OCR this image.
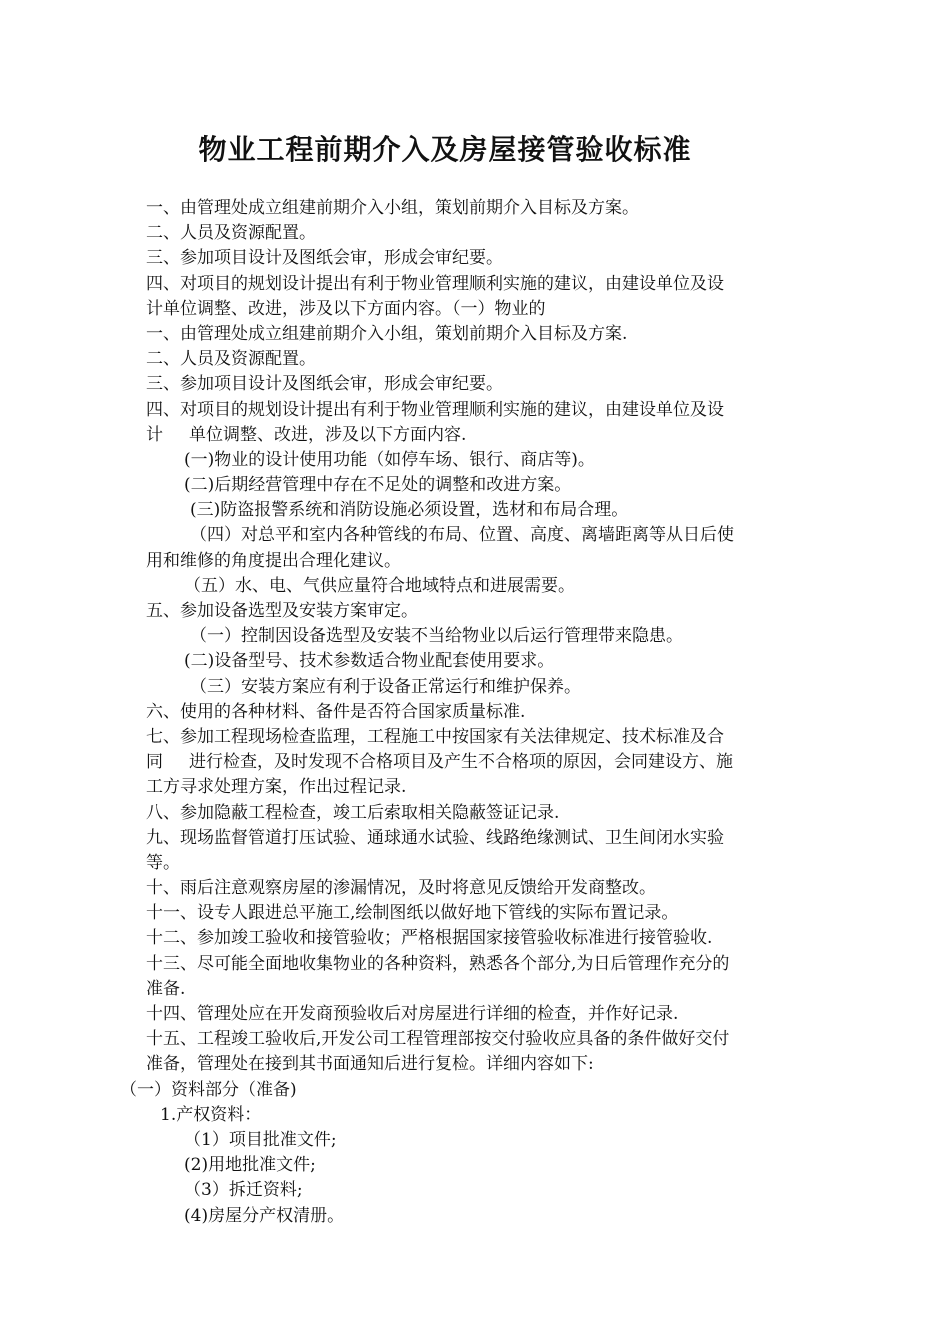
物业工程前期介入及房屋接管验收标准
一、由管理处成立组建前期介入小组，策划前期介入目标及方案。
二、人员及资源配置。
三、参加项目设计及图纸会审，形成会审纪要。
四、对项目的规划设计提出有利于物业管理顺利实施的建议，由建设单位及设
计单位调整、改进，涉及以下方面内容。（一）物业的
一、由管理处成立组建前期介入小组，策划前期介入目标及方案.
二、人员及资源配置。
三、参加项目设计及图纸会审，形成会审纪要。
四、对项目的规划设计提出有利于物业管理顺利实施的建议，由建设单位及设
计 单位调整、改进，涉及以下方面内容.
(一)物业的设计使用功能（如停车场、银行、商店等)。
(二)后期经营管理中存在不足处的调整和改进方案。
(三)防盗报警系统和消防设施必须设置，选材和布局合理。
（四）对总平和室内各种管线的布局、位置、高度、离墙距离等从日后使
用和维修的角度提出合理化建议。
（五）水、电、气供应量符合地域特点和进展需要。
五、参加设备选型及安装方案审定。
（一）控制因设备选型及安装不当给物业以后运行管理带来隐患。
(二)设备型号、技术参数适合物业配套使用要求。
（三）安装方案应有利于设备正常运行和维护保养。
六、使用的各种材料、备件是否符合国家质量标准.
七、参加工程现场检查监理，工程施工中按国家有关法律规定、技术标准及合
同 进行检查，及时发现不合格项目及产生不合格项的原因，会同建设方、施
工方寻求处理方案，作出过程记录.
八、参加隐蔽工程检查，竣工后索取相关隐蔽签证记录.
九、现场监督管道打压试验、通球通水试验、线路绝缘测试、卫生间闭水实验
等。
十、雨后注意观察房屋的渗漏情况，及时将意见反馈给开发商整改。
十一、设专人跟进总平施工,绘制图纸以做好地下管线的实际布置记录。
十二、参加竣工验收和接管验收；严格根据国家接管验收标准进行接管验收.
十三、尽可能全面地收集物业的各种资料，熟悉各个部分,为日后管理作充分的
准备.
十四、管理处应在开发商预验收后对房屋进行详细的检查，并作好记录.
十五、工程竣工验收后,开发公司工程管理部按交付验收应具备的条件做好交付
准备，管理处在接到其书面通知后进行复检。详细内容如下:
（一）资料部分（准备)
1.产权资料：
（1）项目批准文件;
(2)用地批准文件;
（3）拆迁资料;
(4)房屋分产权清册。
